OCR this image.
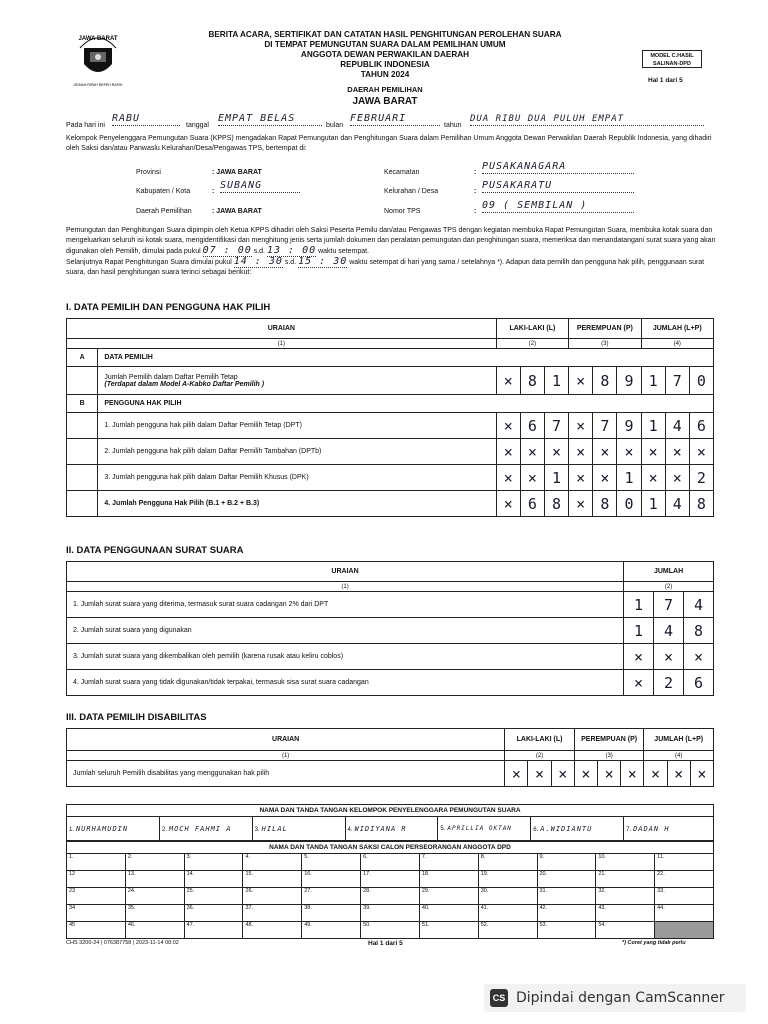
JAWA BARAT
GEMAH RIPAH REPEH RAPIH
BERITA ACARA, SERTIFIKAT DAN CATATAN HASIL PENGHITUNGAN PEROLEHAN SUARA
DI TEMPAT PEMUNGUTAN SUARA DALAM PEMILIHAN UMUM
ANGGOTA DEWAN PERWAKILAN DAERAH
REPUBLIK INDONESIA
TAHUN 2024
MODEL C.HASIL
SALINAN-DPD
Hal 1 dari 5
DAERAH PEMILIHAN
JAWA BARAT
Pada hari ini
RABU
tanggal
EMPAT BELAS
bulan
FEBRUARI
tahun
DUA RIBU DUA PULUH EMPAT
Kelompok Penyelenggara Pemungutan Suara (KPPS) mengadakan Rapat Pemungutan dan Penghitungan Suara dalam Pemilihan Umum Anggota Dewan Perwakilan Daerah Republik Indonesia, yang dihadiri oleh Saksi dan/atau Panwaslu Kelurahan/Desa/Pengawas TPS, bertempat di:
Provinsi	: JAWA BARAT
Kabupaten / Kota	:
SUBANG
Daerah Pemilihan	: JAWA BARAT
Kecamatan	:
PUSAKANAGARA
Kelurahan / Desa	:
PUSAKARATU
Nomor TPS	:
09 ( SEMBILAN )
Pemungutan dan Penghitungan Suara dipimpin oleh Ketua KPPS dihadiri oleh Saksi Peserta Pemilu dan/atau Pengawas TPS dengan kegiatan membuka Rapat Pemungutan Suara, membuka kotak suara dan mengeluarkan seluruh isi kotak suara, mengidentifikasi dan menghitung jenis serta jumlah dokumen dan peralatan pemungutan dan penghitungan suara, memeriksa dan menandatangani surat suara yang akan digunakan oleh Pemilih, dimulai pada pukul 07 : 00 s.d. 13 : 00 waktu setempat.
Selanjutnya Rapat Penghitungan Suara dimulai pukul 14 : 30 s.d. 15 : 30 waktu setempat di hari yang sama / setelahnya *). Adapun data pemilih dan pengguna hak pilih, penggunaan surat suara, dan hasil penghitungan suara terinci sebagai berikut:
I. DATA PEMILIH DAN PENGGUNA HAK PILIH
URAIAN		LAKI-LAKI (L)			PEREMPUAN (P)			JUMLAH (L+P)		
(1)		(2)			(3)			(4)		
A	DATA PEMILIH									

	Jumlah Pemilih dalam Daftar Pemilih Tetap
(Terdapat dalam Model A-Kabko Daftar Pemilih )	×	8	1	×	8	9	1	7	0
B	PENGGUNA HAK PILIH									
	1. Jumlah pengguna hak pilih dalam Daftar Pemilih Tetap (DPT)	×	6	7	×	7	9	1	4	6
	2. Jumlah pengguna hak pilih dalam Daftar Pemilih Tambahan (DPTb)	×	×	×	×	×	×	×	×	×
	3. Jumlah pengguna hak pilih dalam Daftar Pemilih Khusus (DPK)	×	×	1	×	×	1	×	×	2
	4. Jumlah Pengguna Hak Pilih (B.1 + B.2 + B.3)	×	6	8	×	8	0	1	4	8
II. DATA PENGGUNAAN SURAT SUARA
URAIAN	JUMLAH		
(1)	(2)		
1. Jumlah surat suara yang diterima, termasuk surat suara cadangan 2% dari DPT	1	7	4
2. Jumlah surat suara yang digunakan	1	4	8
3. Jumlah surat suara yang dikembalikan oleh pemilih (karena rusak atau keliru coblos)	×	×	×
4. Jumlah surat suara yang tidak digunakan/tidak terpakai, termasuk sisa surat suara cadangan	×	2	6
III. DATA PEMILIH DISABILITAS
URAIAN	LAKI-LAKI (L)			PEREMPUAN (P)			JUMLAH (L+P)		
(1)	(2)			(3)			(4)		
Jumlah seluruh Pemilih disabilitas yang menggunakan hak pilih	×	×	×	×	×	×	×	×	×
NAMA DAN TANDA TANGAN KELOMPOK PENYELENGGARA PEMUNGUTAN SUARA
1. NURHAMUDIN	2. MOCH FAHMI A	3. HILAL	4. WIDIYANA R	5. APRILLIA OKTAN	6. A.WIDIANTU	7. DADAN H
NAMA DAN TANDA TANGAN SAKSI CALON PERSEORANGAN ANGGOTA DPD										
1.	2.	3.	4.	5.	6.	7.	8.	9.	10.	11.
12	13.	14.	15.	16.	17.	18.	19.	20.	21.	22.
23	24.	25.	26.	27.	28.	29.	30.	31.	32.	33.
34	35.	36.	37.	38.	39.	40.	41.	42.	43.	44.
45	46.	47.	48.	49.	50.	51.	52.	53.	54.	
CHS 3200-24 | 076387758 | 2023-11-14 08:02	Hal 1 dari 5	*) Coret yang tidak perlu
CS Dipindai dengan CamScanner
